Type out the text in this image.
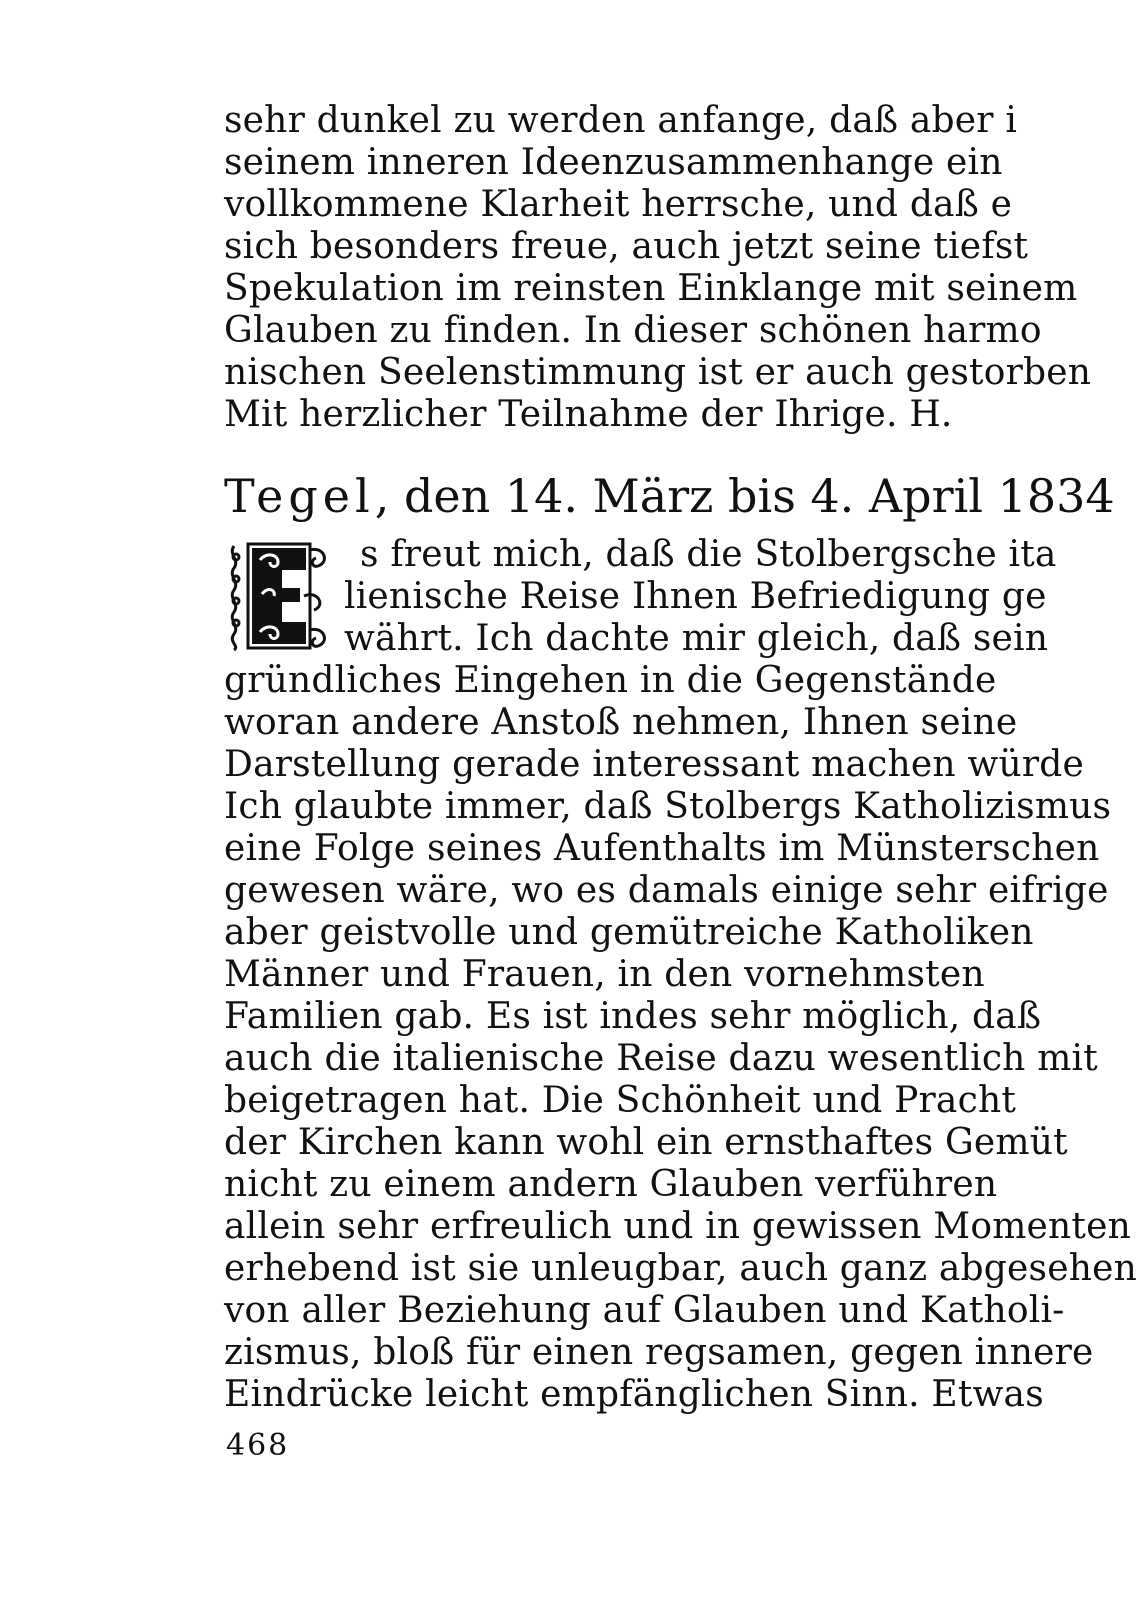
sehr dunkel zu werden anfange, daß aber i
seinem inneren Ideenzusammenhange ein
vollkommene Klarheit herrsche, und daß e
sich besonders freue, auch jetzt seine tiefst
Spekulation im reinsten Einklange mit seinem
Glauben zu finden. In dieser schönen harmo
nischen Seelenstimmung ist er auch gestorben
Mit herzlicher Teilnahme der Ihrige. H.
Tegel, den 14. März bis 4. April 1834
s freut mich, daß die Stolbergsche ita
lienische Reise Ihnen Befriedigung ge
währt. Ich dachte mir gleich, daß sein
gründliches Eingehen in die Gegenstände
woran andere Anstoß nehmen, Ihnen seine
Darstellung gerade interessant machen würde
Ich glaubte immer, daß Stolbergs Katholizismus
eine Folge seines Aufenthalts im Münsterschen
gewesen wäre, wo es damals einige sehr eifrige
aber geistvolle und gemütreiche Katholiken
Männer und Frauen, in den vornehmsten
Familien gab. Es ist indes sehr möglich, daß
auch die italienische Reise dazu wesentlich mit
beigetragen hat. Die Schönheit und Pracht
der Kirchen kann wohl ein ernsthaftes Gemüt
nicht zu einem andern Glauben verführen
allein sehr erfreulich und in gewissen Momenten
erhebend ist sie unleugbar, auch ganz abgesehen
von aller Beziehung auf Glauben und Katholi-
zismus, bloß für einen regsamen, gegen innere
Eindrücke leicht empfänglichen Sinn. Etwas
468
